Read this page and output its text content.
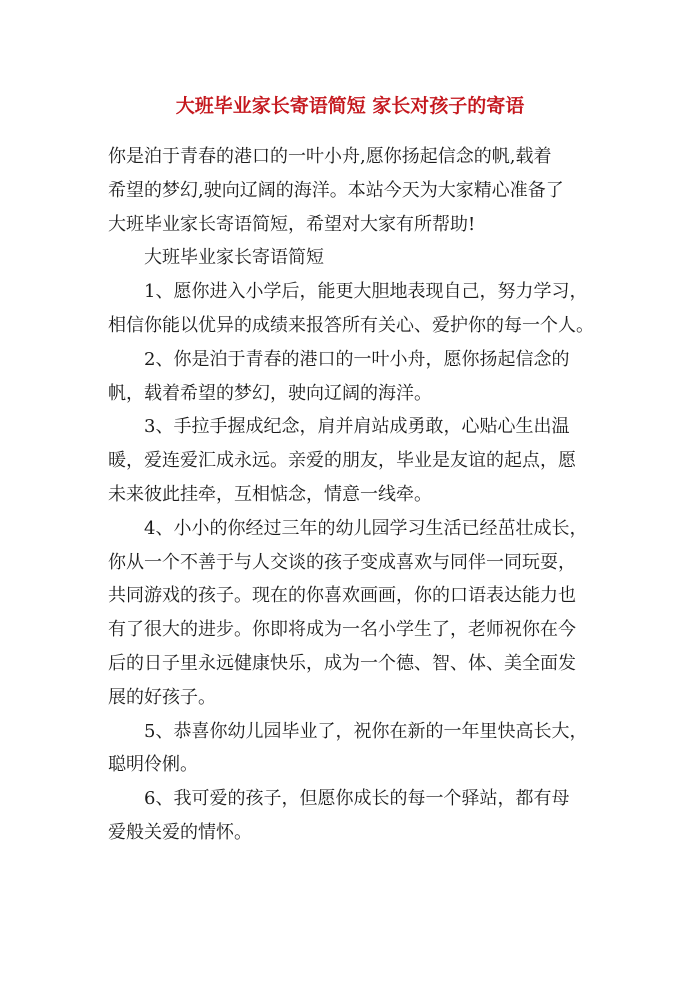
大班毕业家长寄语简短 家长对孩子的寄语
你是泊于青春的港口的一叶小舟,愿你扬起信念的帆,载着
希望的梦幻,驶向辽阔的海洋。本站今天为大家精心准备了
大班毕业家长寄语简短，希望对大家有所帮助!
大班毕业家长寄语简短
1、愿你进入小学后，能更大胆地表现自己，努力学习，
相信你能以优异的成绩来报答所有关心、爱护你的每一个人。
2、你是泊于青春的港口的一叶小舟，愿你扬起信念的
帆，载着希望的梦幻，驶向辽阔的海洋。
3、手拉手握成纪念，肩并肩站成勇敢，心贴心生出温
暖，爱连爱汇成永远。亲爱的朋友，毕业是友谊的起点，愿
未来彼此挂牵，互相惦念，情意一线牵。
4、小小的你经过三年的幼儿园学习生活已经茁壮成长，
你从一个不善于与人交谈的孩子变成喜欢与同伴一同玩耍，
共同游戏的孩子。现在的你喜欢画画，你的口语表达能力也
有了很大的进步。你即将成为一名小学生了，老师祝你在今
后的日子里永远健康快乐，成为一个德、智、体、美全面发
展的好孩子。
5、恭喜你幼儿园毕业了，祝你在新的一年里快高长大，
聪明伶俐。
6、我可爱的孩子，但愿你成长的每一个驿站，都有母
爱般关爱的情怀。
